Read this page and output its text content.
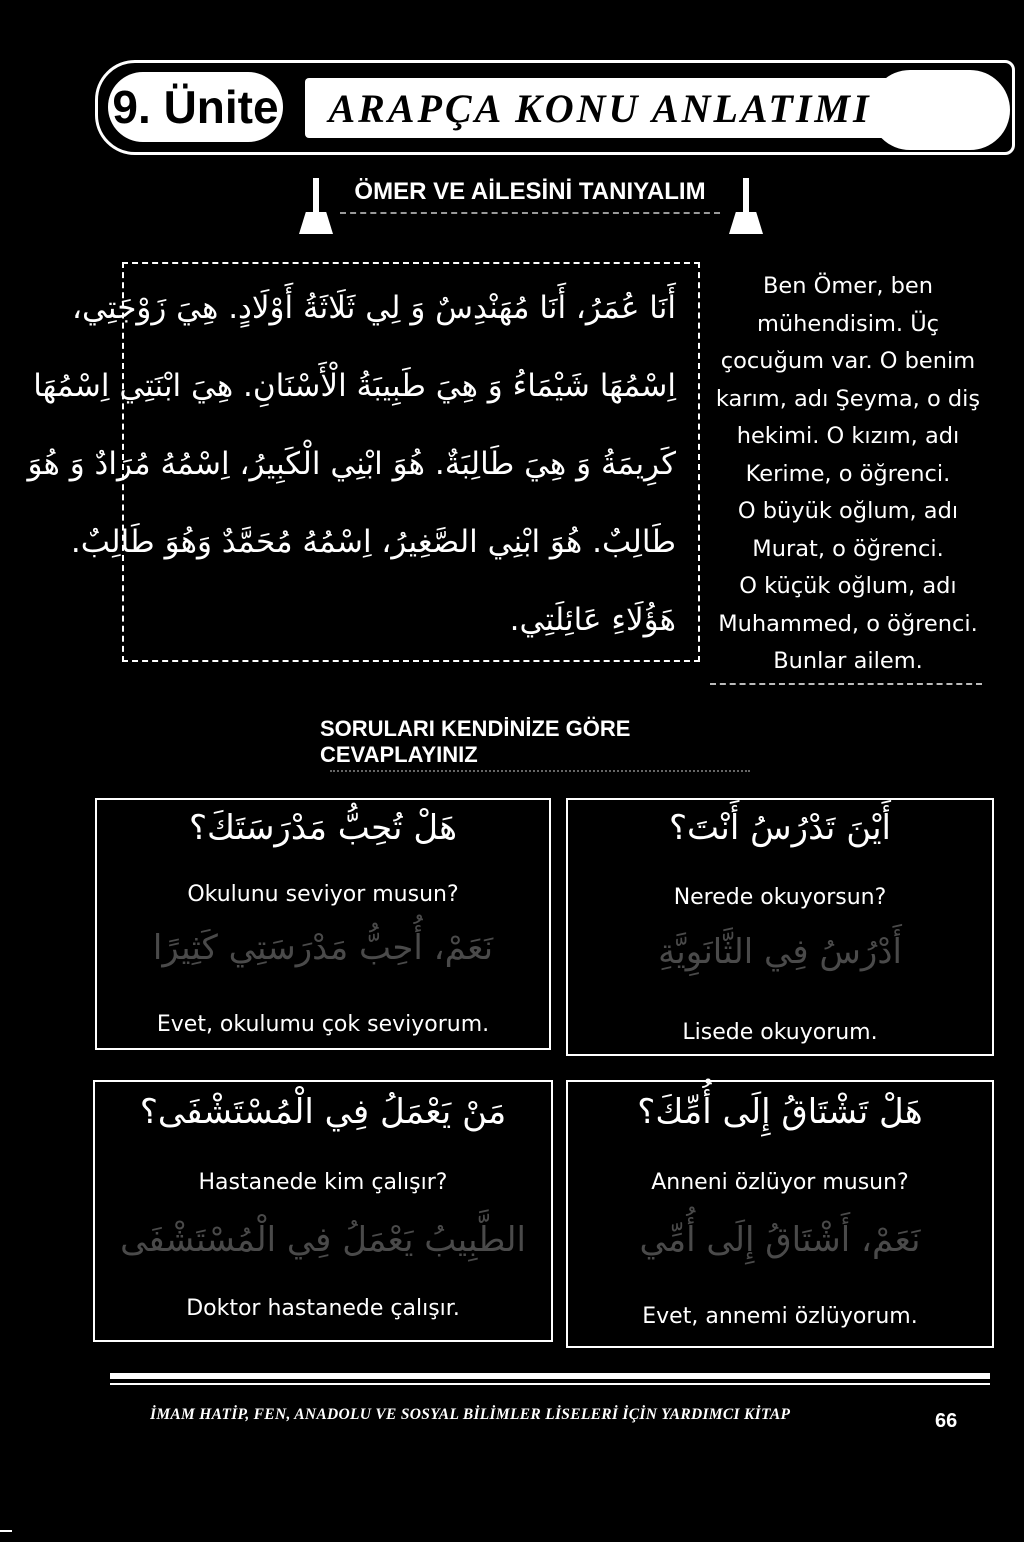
9. Ünite	ARAPÇA KONU ANLATIMI
ÖMER VE AİLESİNİ TANIYALIM
أَنَا عُمَرُ، أَنَا مُهَنْدِسٌ وَ لِي ثَلَاثَةُ أَوْلَادٍ. هِيَ زَوْجَتِي،
اِسْمُهَا شَيْمَاءُ وَ هِيَ طَبِيبَةُ الْأَسْنَانِ. هِيَ ابْنَتِي اِسْمُهَا
كَرِيمَةُ وَ هِيَ طَالِبَةٌ. هُوَ ابْنِي الْكَبِيرُ، اِسْمُهُ مُرَادٌ وَ هُوَ
طَالِبٌ. هُوَ ابْنِي الصَّغِيرُ، اِسْمُهُ مُحَمَّدٌ وَهُوَ طَالِبٌ.
هَؤُلَاءِ عَائِلَتِي.
Ben Ömer, ben
mühendisim. Üç
çocuğum var. O benim
karım, adı Şeyma, o diş
hekimi. O kızım, adı
Kerime, o öğrenci.
O büyük oğlum, adı
Murat, o öğrenci.
O küçük oğlum, adı
Muhammed, o öğrenci.
Bunlar ailem.
SORULARI KENDİNİZE GÖRE CEVAPLAYINIZ
هَلْ تُحِبُّ مَدْرَسَتَكَ؟
Okulunu seviyor musun?
نَعَمْ، أُحِبُّ مَدْرَسَتِي كَثِيرًا
Evet, okulumu çok seviyorum.
أَيْنَ تَدْرُسُ أَنْتَ؟
Nerede okuyorsun?
أَدْرُسُ فِي الثَّانَوِيَّةِ
Lisede okuyorum.
مَنْ يَعْمَلُ فِي الْمُسْتَشْفَى؟
Hastanede kim çalışır?
الطَّبِيبُ يَعْمَلُ فِي الْمُسْتَشْفَى
Doktor hastanede çalışır.
هَلْ تَشْتَاقُ إِلَى أُمِّكَ؟
Anneni özlüyor musun?
نَعَمْ، أَشْتَاقُ إِلَى أُمِّي
Evet, annemi özlüyorum.
İMAM HATİP, FEN, ANADOLU VE SOSYAL BİLİMLER LİSELERİ İÇİN YARDIMCI KİTAP	66
